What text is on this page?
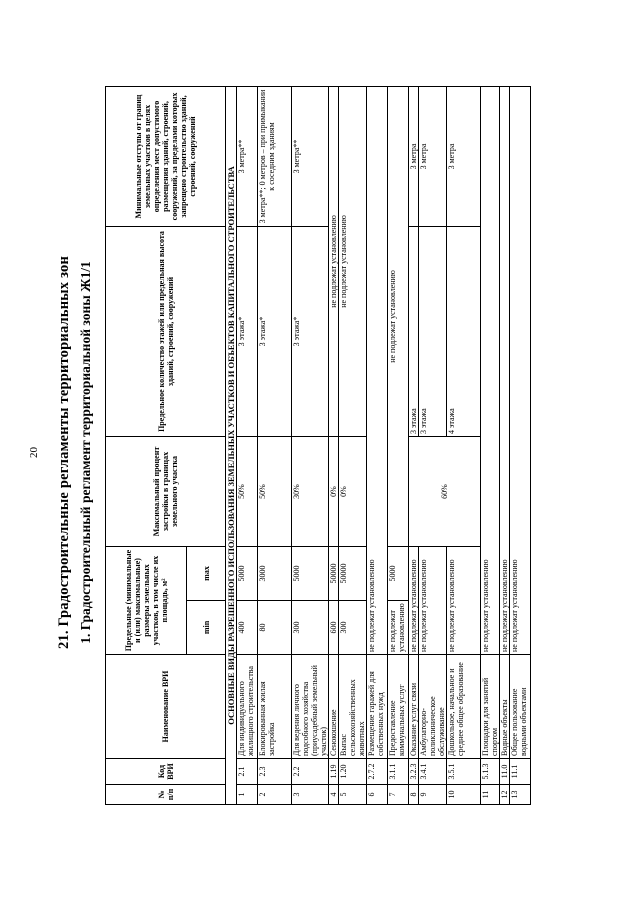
20 21. Градостроительные регламенты территориальных зон 1. Градостроительный регламент территориальной зоны Ж1/1
№ п/п	Код ВРИ	Наименование ВРИ	Предельные (минимальные и (или) максимальные) размеры земельных участков, в том числе их площадь, м²		Максимальный процент застройки в границах земельного участка	Предельное количество этажей или предельная высота зданий, строений, сооружений	Минимальные отступы от границ земельных участков в целях определения мест допустимого размещения зданий, строений, сооружений, за пределами которых запрещено строительство зданий, строений, сооружений
			min	max			
ОСНОВНЫЕ ВИДЫ РАЗРЕШЕННОГО ИСПОЛЬЗОВАНИЯ ЗЕМЕЛЬНЫХ УЧАСТКОВ И ОБЪЕКТОВ КАПИТАЛЬНОГО СТРОИТЕЛЬСТВА							
1	2.1	Для индивидуального жилищного строительства	400	5000	50%	3 этажа*	3 метра**
2	2.3	Блокированная жилая застройка	80	3000	50%	3 этажа*	3 метра**; 0 метров – при примыкании к соседним зданиям
3	2.2	Для ведения личного подсобного хозяйства (приусадебный земельный участок)	300	5000	30%	3 этажа*	3 метра**
4	1.19	Сенокошение	600	50000	0%	не подлежат установлению	
5	1.20	Выпас сельскохозяйственных животных	300	50000	0%	не подлежат установлению	
6	2.7.2	Размещение гаражей для собственных нужд	не подлежат установлению				
7	3.1.1	Предоставление коммунальных услуг	не подлежат установлению	5000	не подлежат установлению		
8	3.2.3	Оказание услуг связи	не подлежат установлению		60%	3 этажа	3 метра
9	3.4.1	Амбулаторно-поликлиническое обслуживание	не подлежат установлению			3 этажа	3 метра
10	3.5.1	Дошкольное, начальное и среднее общее образование	не подлежат установлению			4 этажа	3 метра
11	5.1.3	Площадки для занятий спортом	не подлежат установлению				
12	11.0	Водные объекты	не подлежат установлению				
13	11.1	Общее пользование водными объектами	не подлежат установлению				
